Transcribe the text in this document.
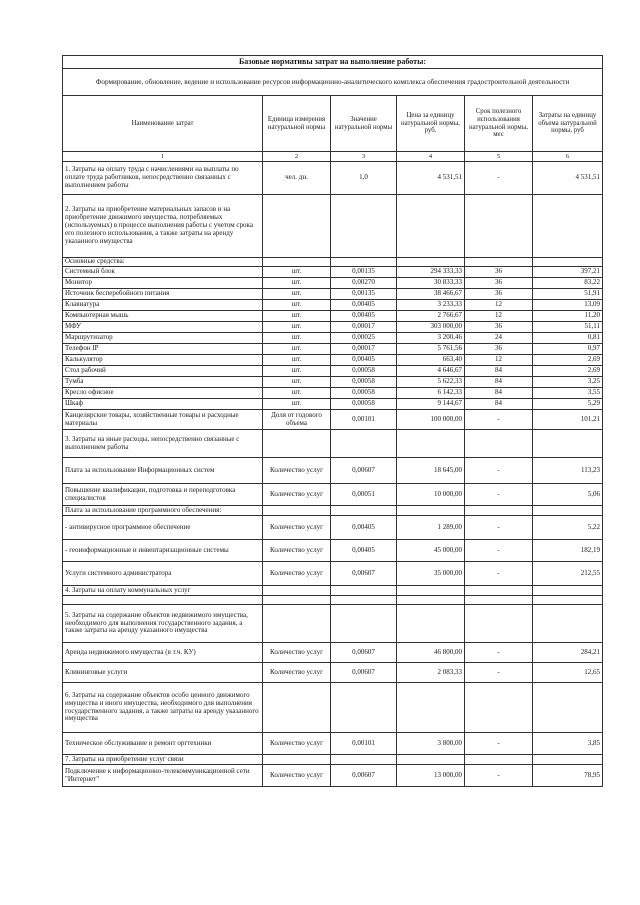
Базовые нормативы затрат на выполнение работы:					
Формирование, обновление, ведение и использование ресурсов информационно-аналитического комплекса обеспечения градостроительной деятельности					
Наименование затрат	Единица измерения натуральной нормы	Значение натуральной нормы	Цена за единицу натуральной нормы, руб.	Срок полезного использования натуральной нормы, мес	Затраты на единицу объема натуральной нормы, руб
1	2	3	4	5	6
1. Затраты на оплату труда с начислениями на выплаты по оплате труда работников, непосредственно связанных с выполнением работы	чел. дн.	1,0	4 531,51	-	4 531,51
2. Затраты на приобретение материальных запасов и на приобретение движимого имущества, потребляемых (используемых) в процессе выполнения работы с учетом срока его полезного использования, а также затраты на аренду указанного имущества					
Основные средства:					
Системный блок	шт.	0,00135	294 333,33	36	397,21
Монитор	шт.	0,00270	30 833,33	36	83,22
Источник бесперебойного питания	шт.	0,00135	38 466,67	36	51,91
Клавиатура	шт.	0,00405	3 233,33	12	13,09
Компьютерная мышь	шт.	0,00405	2 766,67	12	11,20
МФУ	шт.	0,00017	303 000,00	36	51,11
Маршрутизатор	шт.	0,00025	3 200,46	24	0,81
Телефон IP	шт.	0,00017	5 761,56	36	0,97
Калькулятор	шт.	0,00405	663,40	12	2,69
Стол рабочий	шт.	0,00058	4 646,67	84	2,69
Тумба	шт.	0,00058	5 622,33	84	3,25
Кресло офисное	шт.	0,00058	6 142,33	84	3,55
Шкаф	шт.	0,00058	9 144,67	84	5,29
Канцелярские товары, хозяйственные товары и расходные материалы	Доля от годового объема	0,00101	100 000,00	-	101,21
3. Затраты на иные расходы, непосредственно связанные с выполнением работы					
Плата за использование Информационных систем	Количество услуг	0,00607	18 645,00	-	113,23
Повышение квалификации, подготовка и переподготовка специалистов	Количество услуг	0,00051	10 000,00	-	5,06
Плата за использование программного обеспечения:					
- антивирусное программное обеспечение	Количество услуг	0,00405	1 289,00	-	5,22
- геоинформационные и инвентаризационные системы	Количество услуг	0,00405	45 000,00	-	182,19
Услуги системного администратора	Количество услуг	0,00607	35 000,00	-	212,55
4. Затраты на оплату коммунальных услуг					

5. Затраты на содержание объектов недвижимого имущества, необходимого для выполнения государственного задания, а также затраты на аренду указанного имущества					
Аренда недвижимого имущества (в т.ч. КУ)	Количество услуг	0,00607	46 800,00	-	284,21
Клининговые услуги	Количество услуг	0,00607	2 083,33	-	12,65
6. Затраты на содержание объектов особо ценного движимого имущества и иного имущества, необходимого для выполнения государственного задания, а также затраты на аренду указанного имущества					
Техническое обслуживание и ремонт оргтехники	Количество услуг	0,00101	3 800,00	-	3,85
7. Затраты на приобретение услуг связи					
Подключение к информационно-телекоммуникационной сети "Интернет"	Количество услуг	0,00607	13 000,00	-	78,95
